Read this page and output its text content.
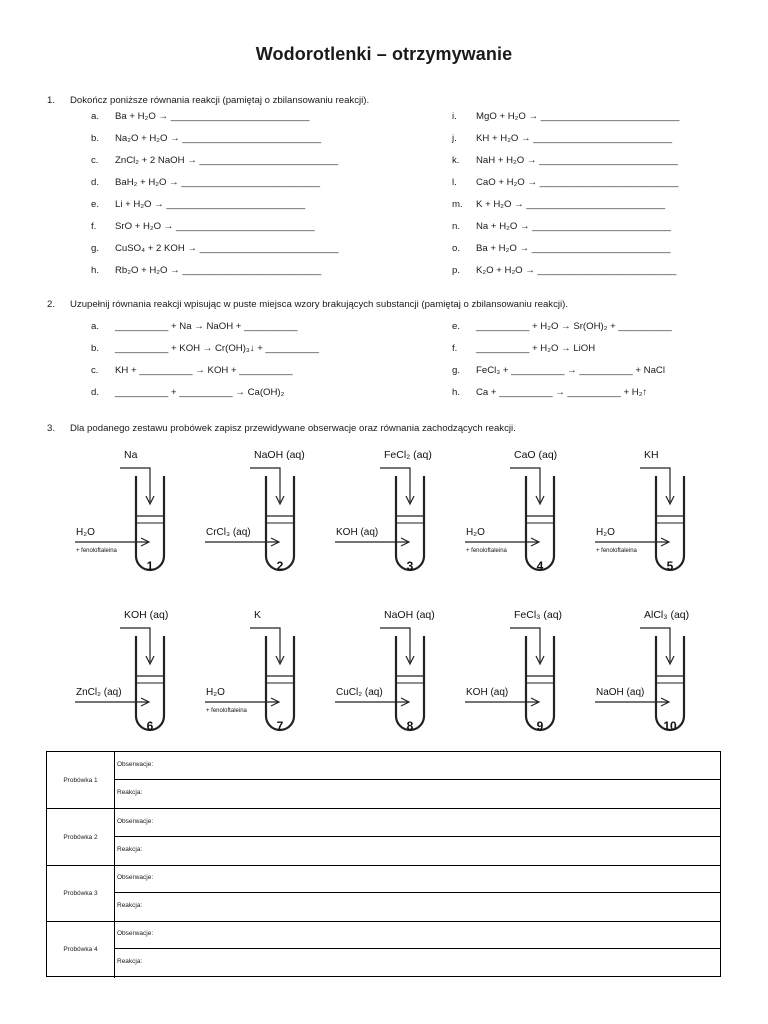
Wodorotlenki – otrzymywanie
1. Dokończ poniższe równania reakcji (pamiętaj o zbilansowaniu reakcji).
a. Ba + H₂O → __________________________
b. Na₂O + H₂O → __________________________
c. ZnCl₂ + 2 NaOH → __________________________
d. BaH₂ + H₂O → __________________________
e. Li + H₂O → __________________________
f. SrO + H₂O → __________________________
g. CuSO₄ + 2 KOH → __________________________
h. Rb₂O + H₂O → __________________________
i. MgO + H₂O → __________________________
j. KH + H₂O → __________________________
k. NaH + H₂O → __________________________
l. CaO + H₂O → __________________________
m. K + H₂O → __________________________
n. Na + H₂O → __________________________
o. Ba + H₂O → __________________________
p. K₂O + H₂O → __________________________
2. Uzupełnij równania reakcji wpisując w puste miejsca wzory brakujących substancji (pamiętaj o zbilansowaniu reakcji).
a. __________ + Na → NaOH + __________
b. __________ + KOH → Cr(OH)₃↓ + __________
c. KH + __________ → KOH + __________
d. __________ + __________ → Ca(OH)₂
e. __________ + H₂O → Sr(OH)₂ + __________
f. __________ + H₂O → LiOH
g. FeCl₃ + __________ → __________ + NaCl
h. Ca + __________ → __________ + H₂↑
3. Dla podanego zestawu probówek zapisz przewidywane obserwacje oraz równania zachodzących reakcji.
Na
H₂O
+ fenoloftaleina
1
NaOH (aq)
CrCl₃ (aq)
2
FeCl₂ (aq)
KOH (aq)
3
CaO (aq)
H₂O
+ fenoloftaleina
4
KH
H₂O
+ fenoloftaleina
5
KOH (aq)
ZnCl₂ (aq)
6
K
H₂O
+ fenoloftaleina
7
NaOH (aq)
CuCl₂ (aq)
8
FeCl₃ (aq)
KOH (aq)
9
AlCl₃ (aq)
NaOH (aq)
10
Probówka 1
Obserwacje:
Reakcja:
Probówka 2
Obserwacje:
Reakcja:
Probówka 3
Obserwacje:
Reakcja:
Probówka 4
Obserwacje:
Reakcja:
